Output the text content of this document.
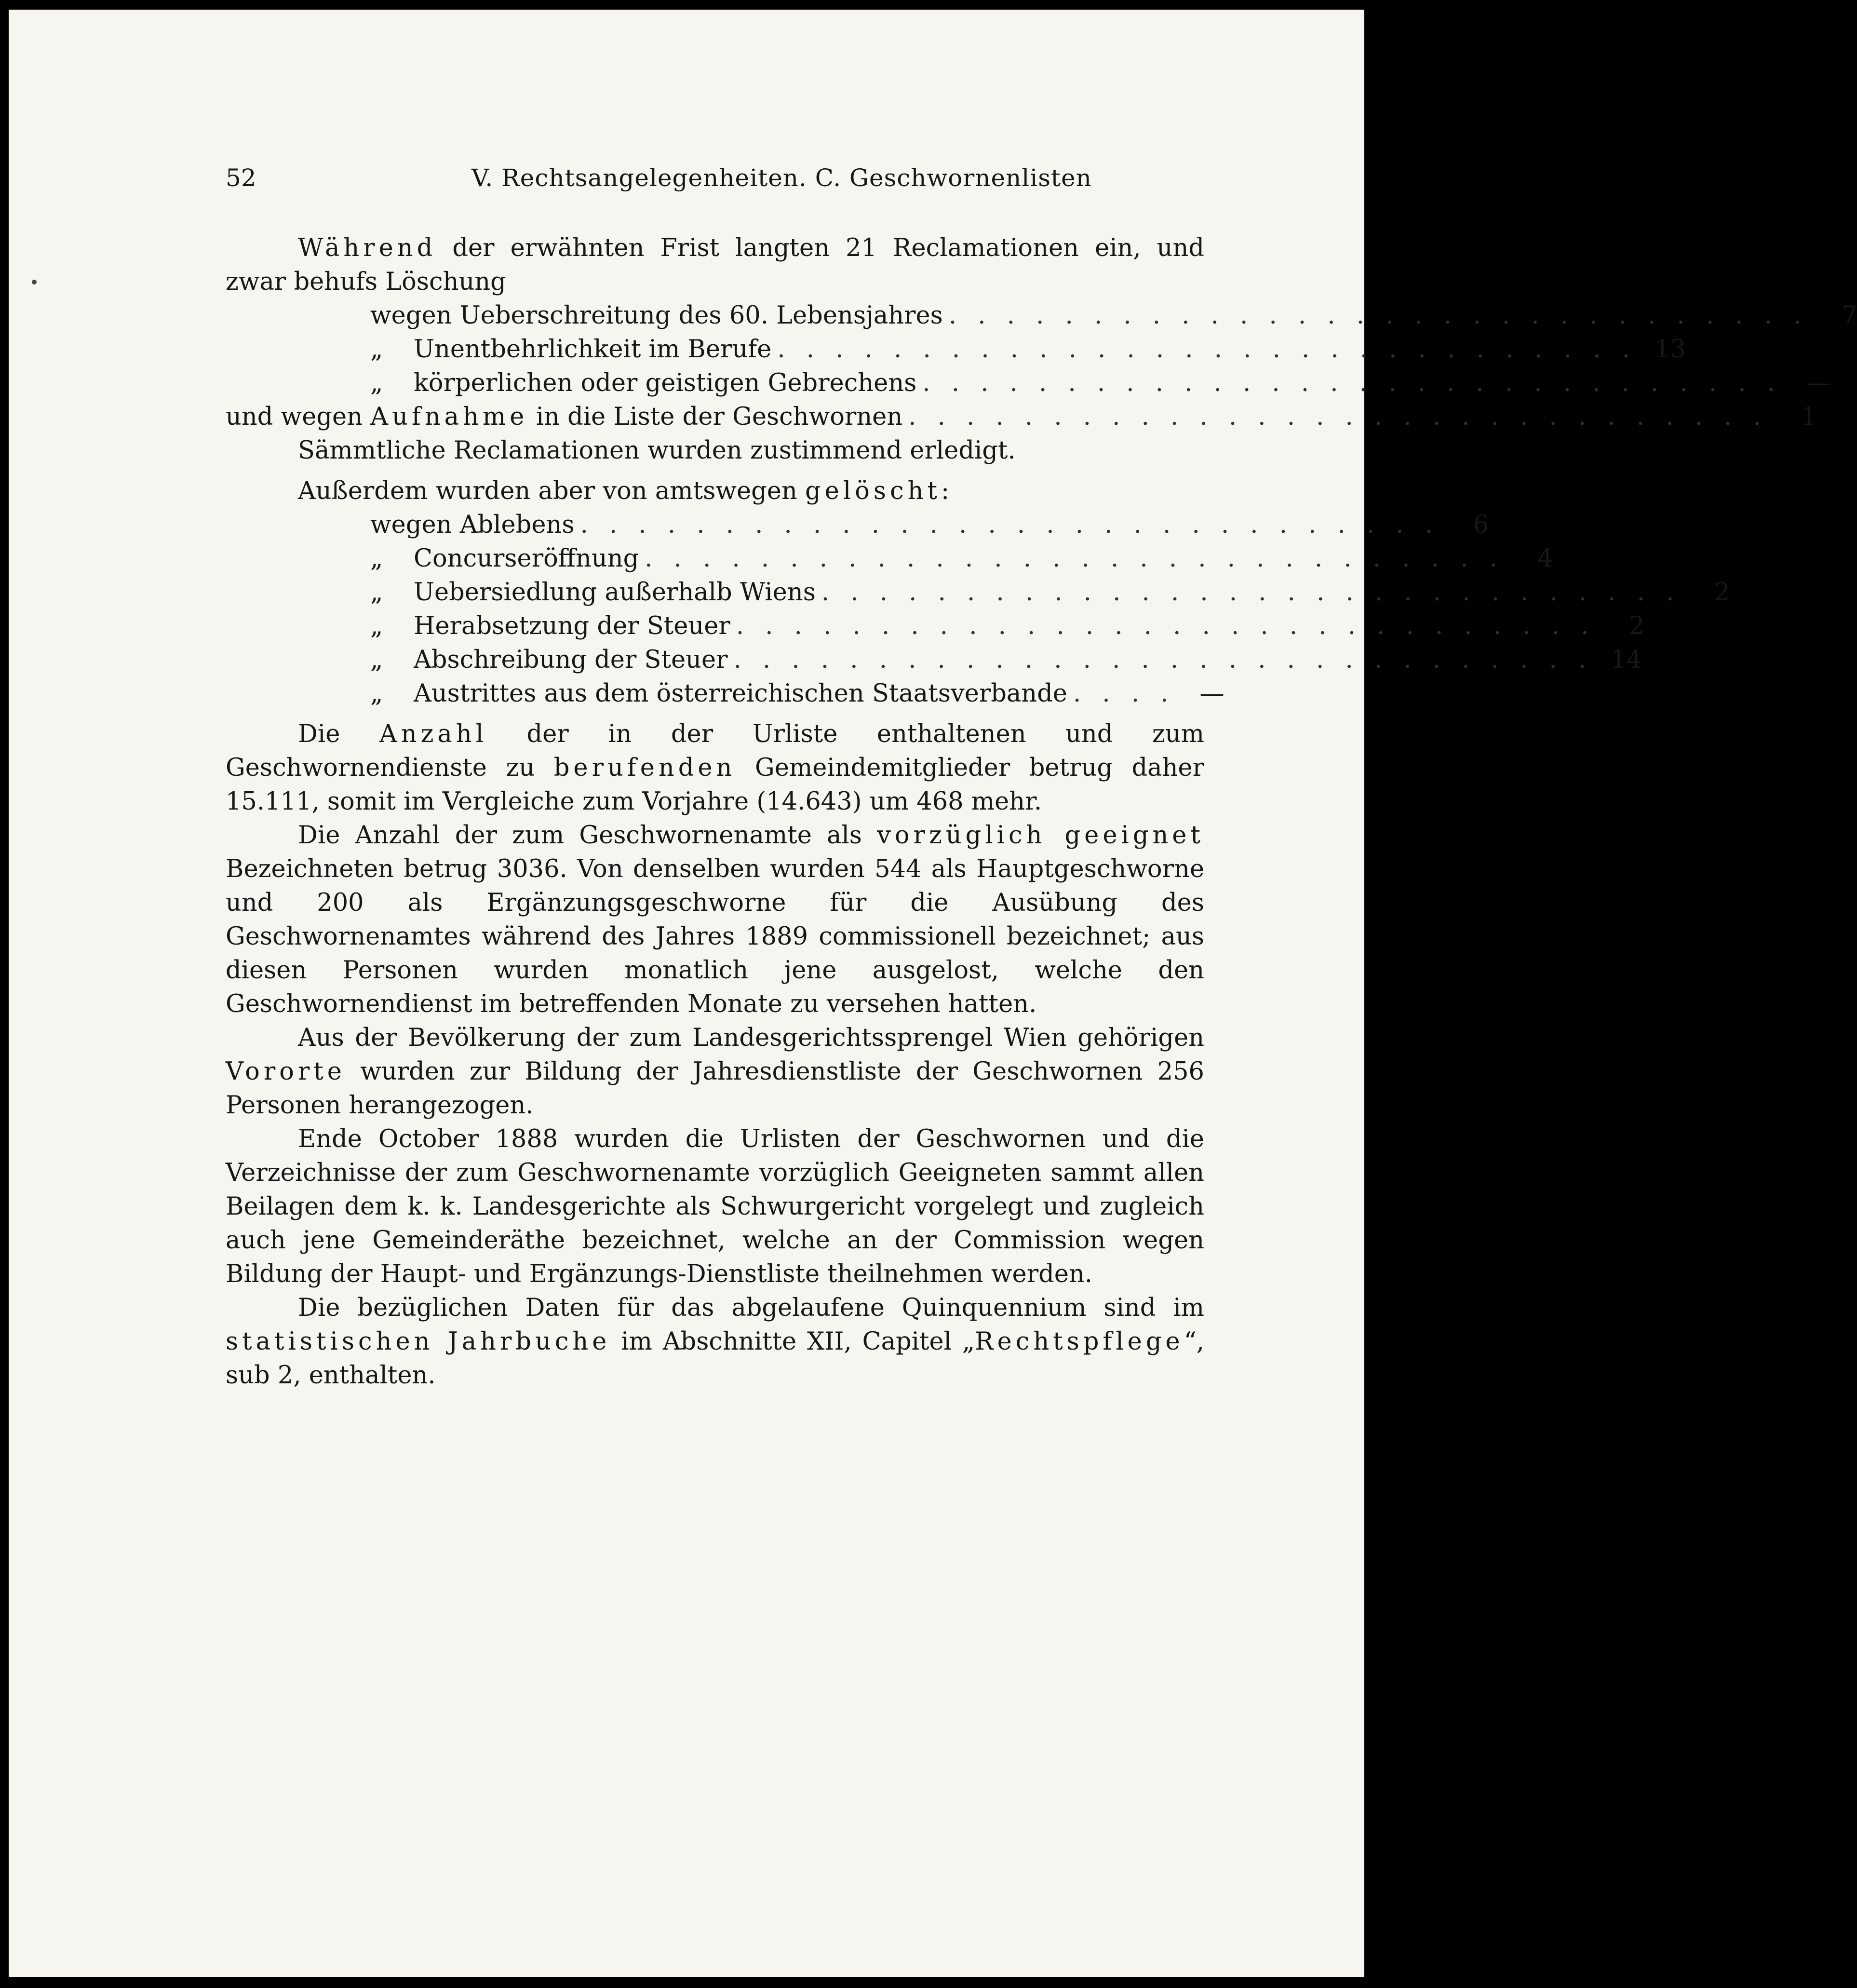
52	V. Rechtsangelegenheiten. C. Geschwornenlisten

Während der erwähnten Frist langten 21 Reclamationen ein, und zwar behufs Löschung

wegen Ueberschreitung des 60. Lebensjahres . . . . . . . . . . . . . . . . . . . . . . . . . . . . . .	7
„Unentbehrlichkeit im Berufe . . . . . . . . . . . . . . . . . . . . . . . . . . . . . . 13
„körperlichen oder geistigen Gebrechens . . . . . . . . . . . . . . . . . . . . . . . . . . . . . .	—
und wegen Aufnahme in die Liste der Geschwornen . . . . . . . . . . . . . . . . . . . . . . . . . . . . . .	1

Sämmtliche Reclamationen wurden zustimmend erledigt.

Außerdem wurden aber von amtswegen gelöscht:

wegen Ablebens . . . . . . . . . . . . . . . . . . . . . . . . . . . . . .	6
„Concurseröffnung . . . . . . . . . . . . . . . . . . . . . . . . . . . . . .	4
„Uebersiedlung außerhalb Wiens . . . . . . . . . . . . . . . . . . . . . . . . . . . . . .	2
„Herabsetzung der Steuer . . . . . . . . . . . . . . . . . . . . . . . . . . . . . .	2
„Abschreibung der Steuer . . . . . . . . . . . . . . . . . . . . . . . . . . . . . . 14
„Austrittes aus dem österreichischen Staatsverbande . . . .	—

Die Anzahl der in der Urliste enthaltenen und zum Geschwornendienste zu berufenden Gemeindemitglieder betrug daher 15.111, somit im Vergleiche zum Vorjahre (14.643) um 468 mehr.

Die Anzahl der zum Geschwornenamte als vorzüglich geeignet Bezeichneten betrug 3036. Von denselben wurden 544 als Hauptgeschworne und 200 als Ergänzungsgeschworne für die Ausübung des Geschwornenamtes während des Jahres 1889 commissionell bezeichnet; aus diesen Personen wurden monatlich jene ausgelost, welche den Geschwornendienst im betreffenden Monate zu versehen hatten.

Aus der Bevölkerung der zum Landesgerichtssprengel Wien gehörigen Vororte wurden zur Bildung der Jahresdienstliste der Geschwornen 256 Personen herangezogen.

Ende October 1888 wurden die Urlisten der Geschwornen und die Verzeichnisse der zum Geschwornenamte vorzüglich Geeigneten sammt allen Beilagen dem k. k. Landesgerichte als Schwurgericht vorgelegt und zugleich auch jene Gemeinderäthe bezeichnet, welche an der Commission wegen Bildung der Haupt- und Ergänzungs-Dienstliste theilnehmen werden.

Die bezüglichen Daten für das abgelaufene Quinquennium sind im statistischen Jahrbuche im Abschnitte XII, Capitel „Rechtspflege“, sub 2, enthalten.
